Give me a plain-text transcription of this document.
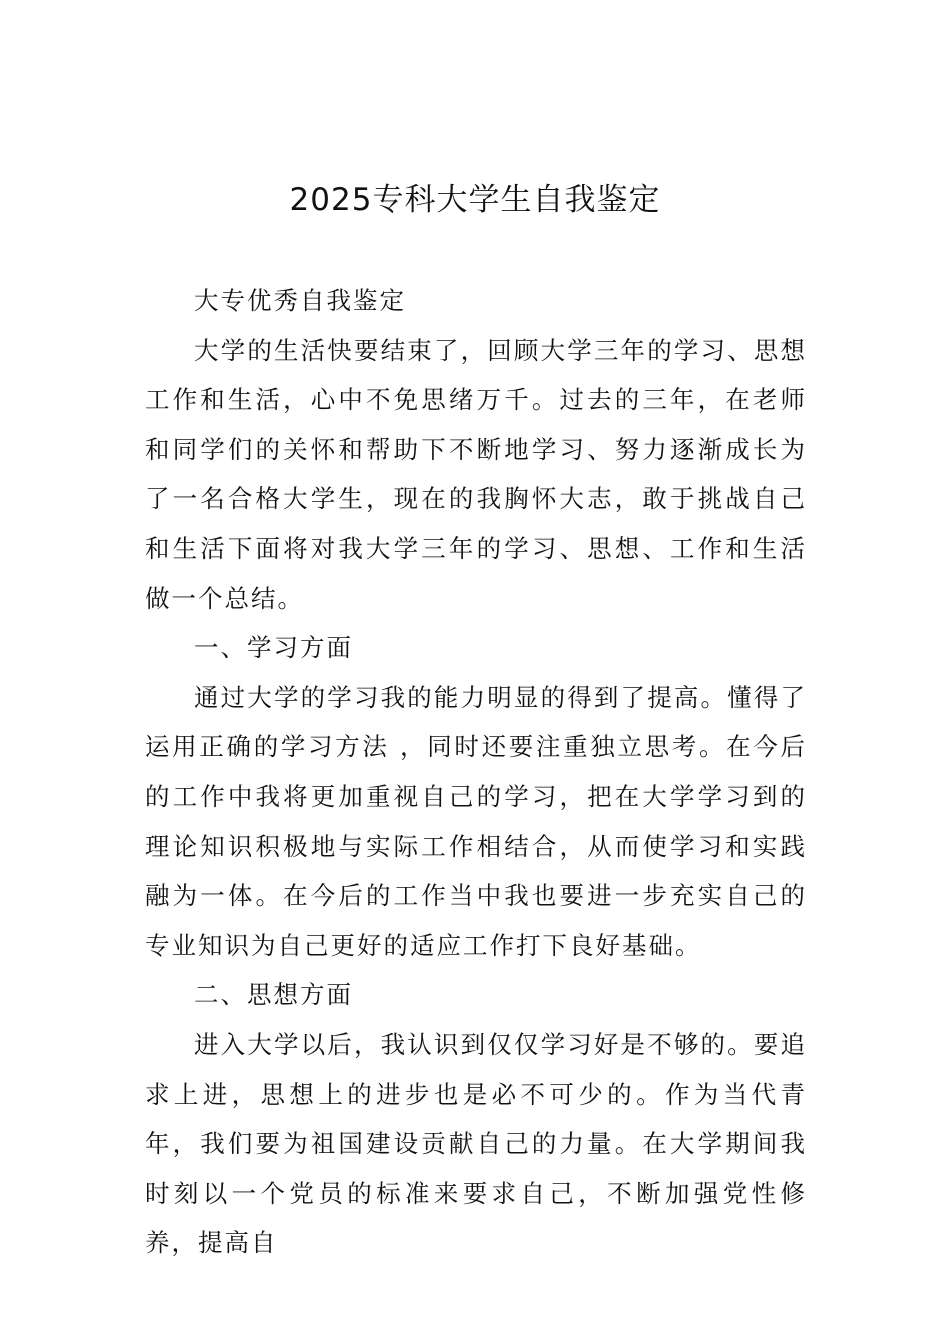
2025专科大学生自我鉴定

大专优秀自我鉴定

大学的生活快要结束了，回顾大学三年的学习、思想工作和生活，心中不免思绪万千。过去的三年，在老师和同学们的关怀和帮助下不断地学习、努力逐渐成长为了一名合格大学生，现在的我胸怀大志，敢于挑战自己和生活下面将对我大学三年的学习、思想、工作和生活做一个总结。

一、学习方面

通过大学的学习我的能力明显的得到了提高。懂得了运用正确的学习方法 ，同时还要注重独立思考。在今后的工作中我将更加重视自己的学习，把在大学学习到的理论知识积极地与实际工作相结合，从而使学习和实践融为一体。在今后的工作当中我也要进一步充实自己的专业知识为自己更好的适应工作打下良好基础。

二、思想方面

进入大学以后，我认识到仅仅学习好是不够的。要追求上进，思想上的进步也是必不可少的。作为当代青年，我们要为祖国建设贡献自己的力量。在大学期间我时刻以一个党员的标准来要求自己，不断加强党性修养，提高自
